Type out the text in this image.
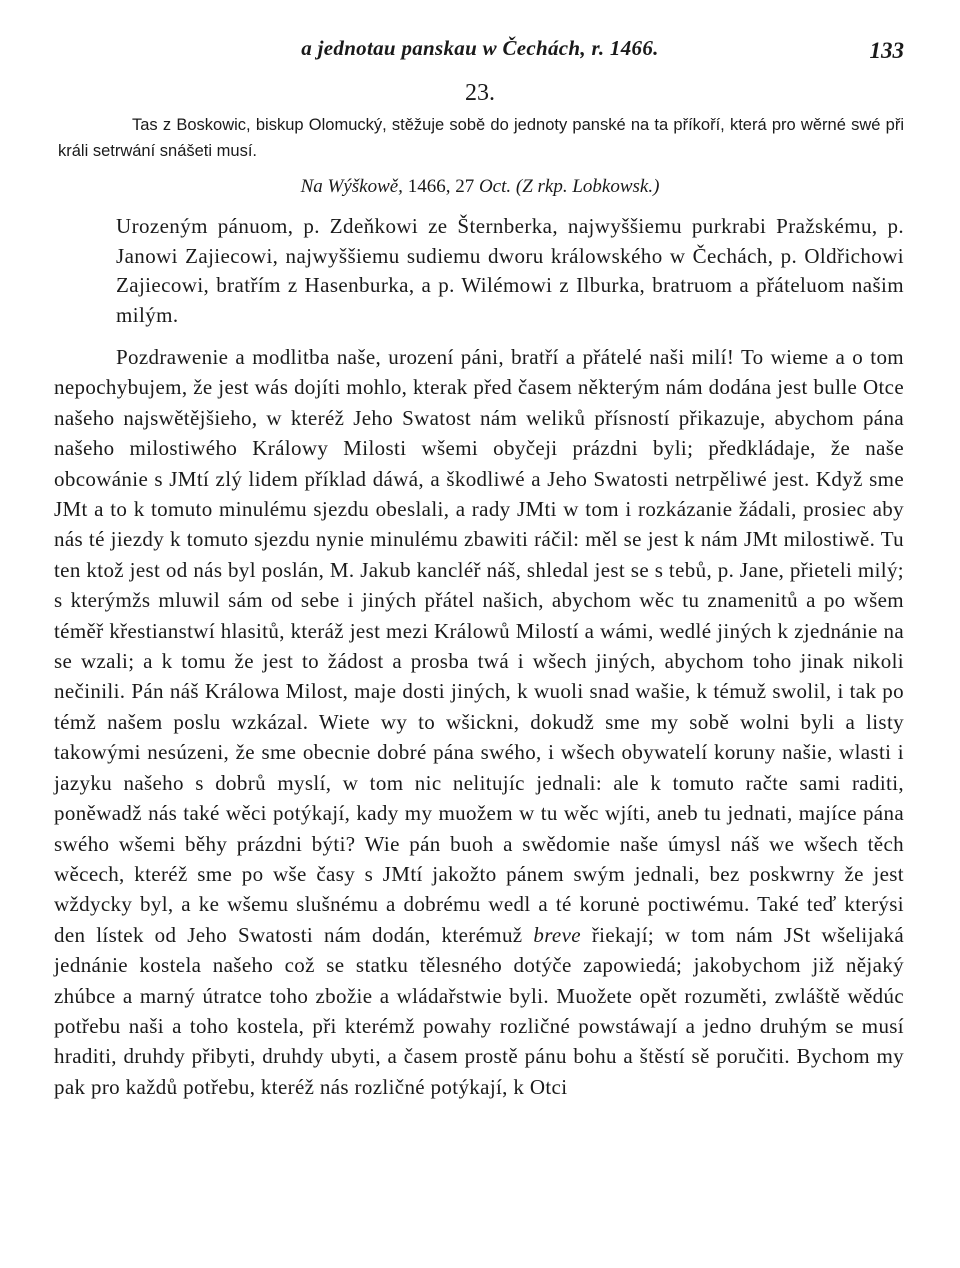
a jednotau panskau w Čechách, r. 1466.	133
23.
Tas z Boskowic, biskup Olomucký, stěžuje sobě do jednoty panské na ta příkoří, která pro wěrné swé při králi setrwání snášeti musí.
Na Wýškowě, 1466, 27 Oct. (Z rkp. Lobkowsk.)
Urozeným pánuom, p. Zdeňkowi ze Šternberka, najwyššiemu purkrabi Pražskému, p. Janowi Zajiecowi, najwyššiemu sudiemu dworu králowského w Čechách, p. Oldřichowi Zajiecowi, bratřím z Hasenburka, a p. Wilémowi z Ilburka, bratruom a přáteluom našim milým.
Pozdrawenie a modlitba naše, urození páni, bratří a přátelé naši milí! To wieme a o tom nepochybujem, že jest wás dojíti mohlo, kterak před časem některým nám dodána jest bulle Otce našeho najswětějšieho, w kteréž Jeho Swatost nám weliků přísností přikazuje, abychom pána našeho milostiwého Králowy Milosti wšemi obyčeji prázdni byli; předkládaje, že naše obcowánie s JMtí zlý lidem příklad dáwá, a škodliwé a Jeho Swatosti netrpěliwé jest. Když sme JMt a to k tomuto minulému sjezdu obeslali, a rady JMti w tom i rozkázanie žádali, prosiec aby nás té jiezdy k tomuto sjezdu nynie minulému zbawiti ráčil: měl se jest k nám JMt milostiwě. Tu ten ktož jest od nás byl poslán, M. Jakub kancléř náš, shledal jest se s tebů, p. Jane, přieteli milý; s kterýmžs mluwil sám od sebe i jiných přátel našich, abychom wěc tu znamenitů a po wšem téměř křestianstwí hlasitů, kteráž jest mezi Králowů Milostí a wámi, wedlé jiných k zjednánie na se wzali; a k tomu že jest to žádost a prosba twá i wšech jiných, abychom toho jinak nikoli nečinili. Pán náš Králowa Milost, maje dosti jiných, k wuoli snad wašie, k témuž swolil, i tak po témž našem poslu wzkázal. Wiete wy to wšickni, dokudž sme my sobě wolni byli a listy takowými nesúzeni, že sme obecnie dobré pána swého, i wšech obywatelí koruny našie, wlasti i jazyku našeho s dobrů myslí, w tom nic nelitujíc jednali: ale k tomuto račte sami raditi, poněwadž nás také wěci potýkají, kady my muožem w tu wěc wjíti, aneb tu jednati, majíce pána swého wšemi běhy prázdni býti? Wie pán buoh a swědomie naše úmysl náš we wšech těch wěcech, kteréž sme po wše časy s JMtí jakožto pánem swým jednali, bez poskwrny že jest wždycky byl, a ke wšemu slušnému a dobrému wedl a té korunė poctiwému. Také teď kterýsi den lístek od Jeho Swatosti nám dodán, kterémuž breve řiekají; w tom nám JSt wšelijaká jednánie kostela našeho což se statku tělesného dotýče zapowiedá; jakobychom již nějaký zhúbce a marný útratce toho zbožie a wládařstwie byli. Muožete opět rozuměti, zwláště wědúc potřebu naši a toho kostela, při kterémž powahy rozličné powstáwají a jedno druhým se musí hraditi, druhdy přibyti, druhdy ubyti, a časem prostě pánu bohu a štěstí sě poručiti. Bychom my pak pro každů potřebu, kteréž nás rozličné potýkají, k Otci
